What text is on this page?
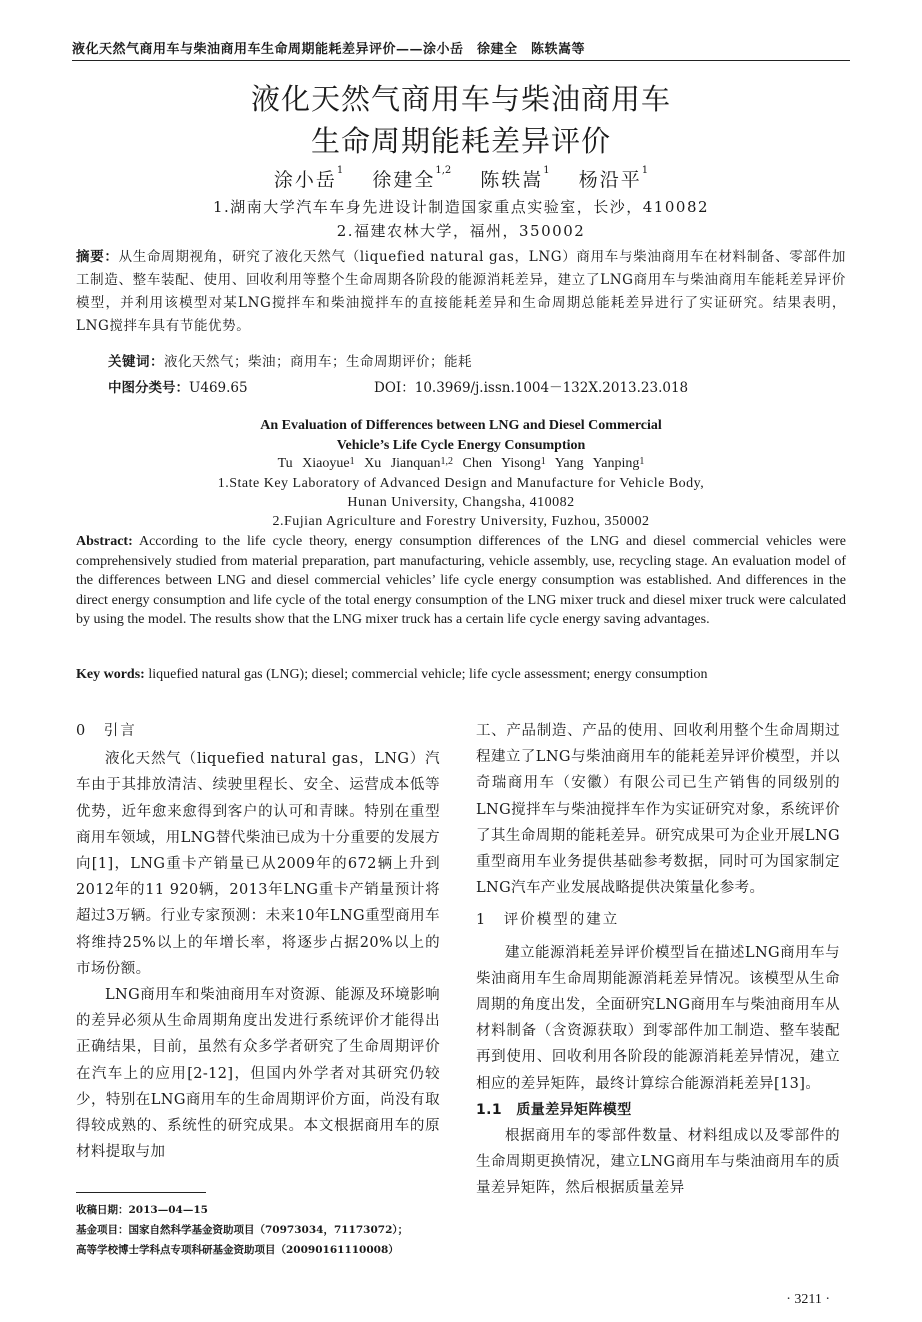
液化天然气商用车与柴油商用车生命周期能耗差异评价——涂小岳　徐建全　陈轶嵩等
液化天然气商用车与柴油商用车
生命周期能耗差异评价
涂小岳$^1$　 徐建全$^{1,2}$　 陈轶嵩$^1$　 杨沿平$^1$
1.湖南大学汽车车身先进设计制造国家重点实验室，长沙，410082
2.福建农林大学，福州，350002
摘要：从生命周期视角，研究了液化天然气（liquefied natural gas，LNG）商用车与柴油商用车在材料制备、零部件加工制造、整车装配、使用、回收利用等整个生命周期各阶段的能源消耗差异，建立了LNG商用车与柴油商用车能耗差异评价模型，并利用该模型对某LNG搅拌车和柴油搅拌车的直接能耗差异和生命周期总能耗差异进行了实证研究。结果表明，LNG搅拌车具有节能优势。
关键词：液化天然气；柴油；商用车；生命周期评价；能耗
中图分类号：U469.65	DOI：10.3969/j.issn.1004－132X.2013.23.018
An Evaluation of Differences between LNG and Diesel Commercial
Vehicle’s Life Cycle Energy Consumption
Tu Xiaoyue$^1$ Xu Jianquan$^{1,2}$ Chen Yisong$^1$ Yang Yanping$^1$
1.State Key Laboratory of Advanced Design and Manufacture for Vehicle Body,
Hunan University, Changsha, 410082
2.Fujian Agriculture and Forestry University, Fuzhou, 350002
Abstract: According to the life cycle theory, energy consumption differences of the LNG and diesel commercial vehicles were comprehensively studied from material preparation, part manufacturing, vehicle assembly, use, recycling stage. An evaluation model of the differences between LNG and diesel commercial vehicles’ life cycle energy consumption was established. And differences in the direct energy consumption and life cycle of the total energy consumption of the LNG mixer truck and diesel mixer truck were calculated by using the model. The results show that the LNG mixer truck has a certain life cycle energy saving advantages.
Key words: liquefied natural gas (LNG); diesel; commercial vehicle; life cycle assessment; energy consumption
0　引言
液化天然气（liquefied natural gas，LNG）汽车由于其排放清洁、续驶里程长、安全、运营成本低等优势，近年愈来愈得到客户的认可和青睐。特别在重型商用车领域，用LNG替代柴油已成为十分重要的发展方向[1]，LNG重卡产销量已从2009年的672辆上升到2012年的11 920辆，2013年LNG重卡产销量预计将超过3万辆。行业专家预测：未来10年LNG重型商用车将维持25%以上的年增长率，将逐步占据20%以上的市场份额。
LNG商用车和柴油商用车对资源、能源及环境影响的差异必须从生命周期角度出发进行系统评价才能得出正确结果，目前，虽然有众多学者研究了生命周期评价在汽车上的应用[2-12]，但国内外学者对其研究仍较少，特别在LNG商用车的生命周期评价方面，尚没有取得较成熟的、系统性的研究成果。本文根据商用车的原材料提取与加
工、产品制造、产品的使用、回收利用整个生命周期过程建立了LNG与柴油商用车的能耗差异评价模型，并以奇瑞商用车（安徽）有限公司已生产销售的同级别的LNG搅拌车与柴油搅拌车作为实证研究对象，系统评价了其生命周期的能耗差异。研究成果可为企业开展LNG重型商用车业务提供基础参考数据，同时可为国家制定LNG汽车产业发展战略提供决策量化参考。
1　评价模型的建立
建立能源消耗差异评价模型旨在描述LNG商用车与柴油商用车生命周期能源消耗差异情况。该模型从生命周期的角度出发，全面研究LNG商用车与柴油商用车从材料制备（含资源获取）到零部件加工制造、整车装配再到使用、回收利用各阶段的能源消耗差异情况，建立相应的差异矩阵，最终计算综合能源消耗差异[13]。
1.1　质量差异矩阵模型
根据商用车的零部件数量、材料组成以及零部件的生命周期更换情况，建立LNG商用车与柴油商用车的质量差异矩阵，然后根据质量差异
收稿日期：2013—04—15
基金项目：国家自然科学基金资助项目（70973034，71173072）；
高等学校博士学科点专项科研基金资助项目（20090161110008）
· 3211 ·
